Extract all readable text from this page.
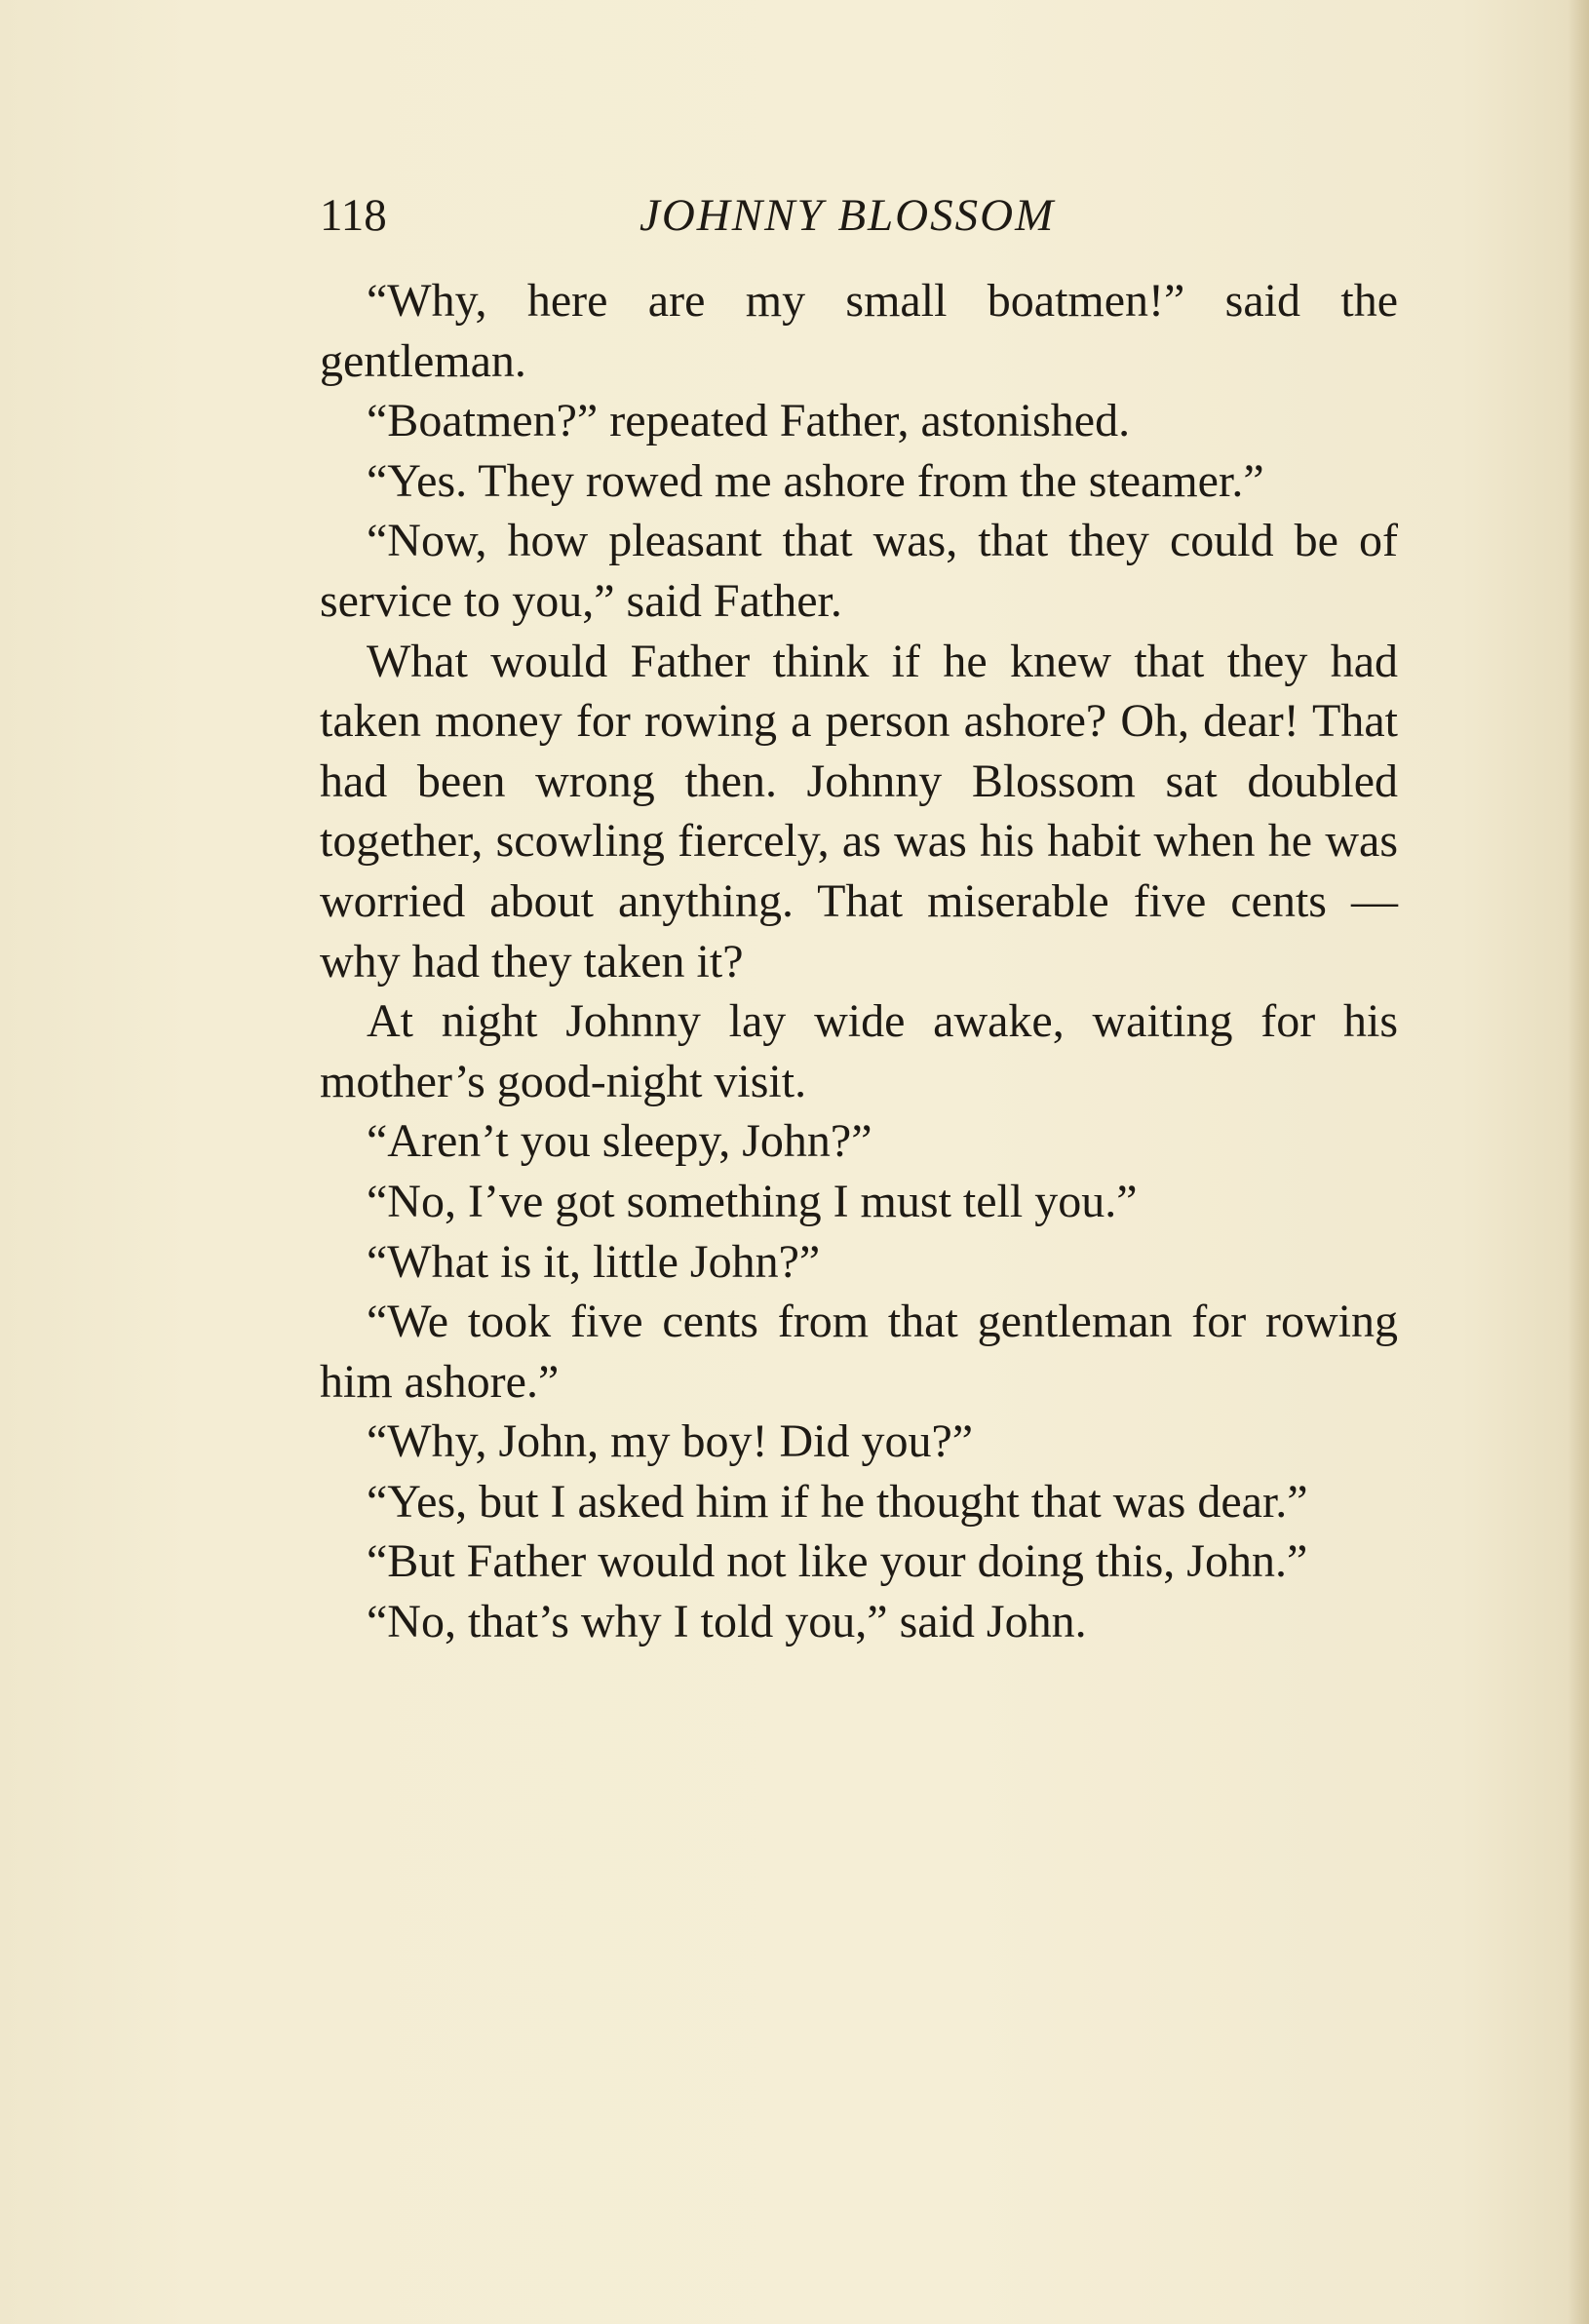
118	JOHNNY BLOSSOM

“Why, here are my small boatmen!” said the gentleman.

“Boatmen?” repeated Father, astonished.

“Yes. They rowed me ashore from the steamer.”

“Now, how pleasant that was, that they could be of service to you,” said Father.

What would Father think if he knew that they had taken money for rowing a person ashore? Oh, dear! That had been wrong then. Johnny Blossom sat doubled together, scowling fiercely, as was his habit when he was worried about anything. That miserable five cents — why had they taken it?

At night Johnny lay wide awake, waiting for his mother’s good-night visit.

“Aren’t you sleepy, John?”

“No, I’ve got something I must tell you.”

“What is it, little John?”

“We took five cents from that gentleman for rowing him ashore.”

“Why, John, my boy! Did you?”

“Yes, but I asked him if he thought that was dear.”

“But Father would not like your doing this, John.”

“No, that’s why I told you,” said John.
